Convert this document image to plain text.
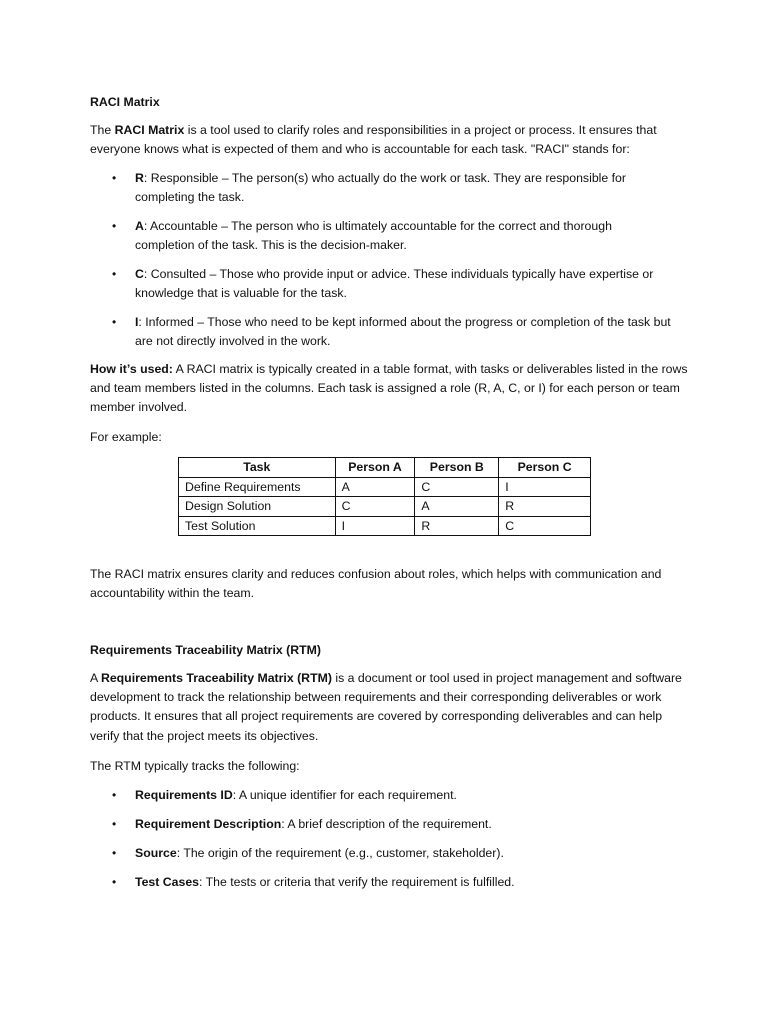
RACI Matrix

The RACI Matrix is a tool used to clarify roles and responsibilities in a project or process. It ensures that everyone knows what is expected of them and who is accountable for each task. "RACI" stands for:

• R: Responsible – The person(s) who actually do the work or task. They are responsible for completing the task.
• A: Accountable – The person who is ultimately accountable for the correct and thorough completion of the task. This is the decision-maker.
• C: Consulted – Those who provide input or advice. These individuals typically have expertise or knowledge that is valuable for the task.
• I: Informed – Those who need to be kept informed about the progress or completion of the task but are not directly involved in the work.

How it’s used: A RACI matrix is typically created in a table format, with tasks or deliverables listed in the rows and team members listed in the columns. Each task is assigned a role (R, A, C, or I) for each person or team member involved.

For example:
Task	Person A	Person B	Person C
Define Requirements	A	C	I
Design Solution	C	A	R
Test Solution	I	R	C

The RACI matrix ensures clarity and reduces confusion about roles, which helps with communication and accountability within the team.

Requirements Traceability Matrix (RTM)

A Requirements Traceability Matrix (RTM) is a document or tool used in project management and software development to track the relationship between requirements and their corresponding deliverables or work products. It ensures that all project requirements are covered by corresponding deliverables and can help verify that the project meets its objectives.

The RTM typically tracks the following:
• Requirements ID: A unique identifier for each requirement.
• Requirement Description: A brief description of the requirement.
• Source: The origin of the requirement (e.g., customer, stakeholder).
• Test Cases: The tests or criteria that verify the requirement is fulfilled.
